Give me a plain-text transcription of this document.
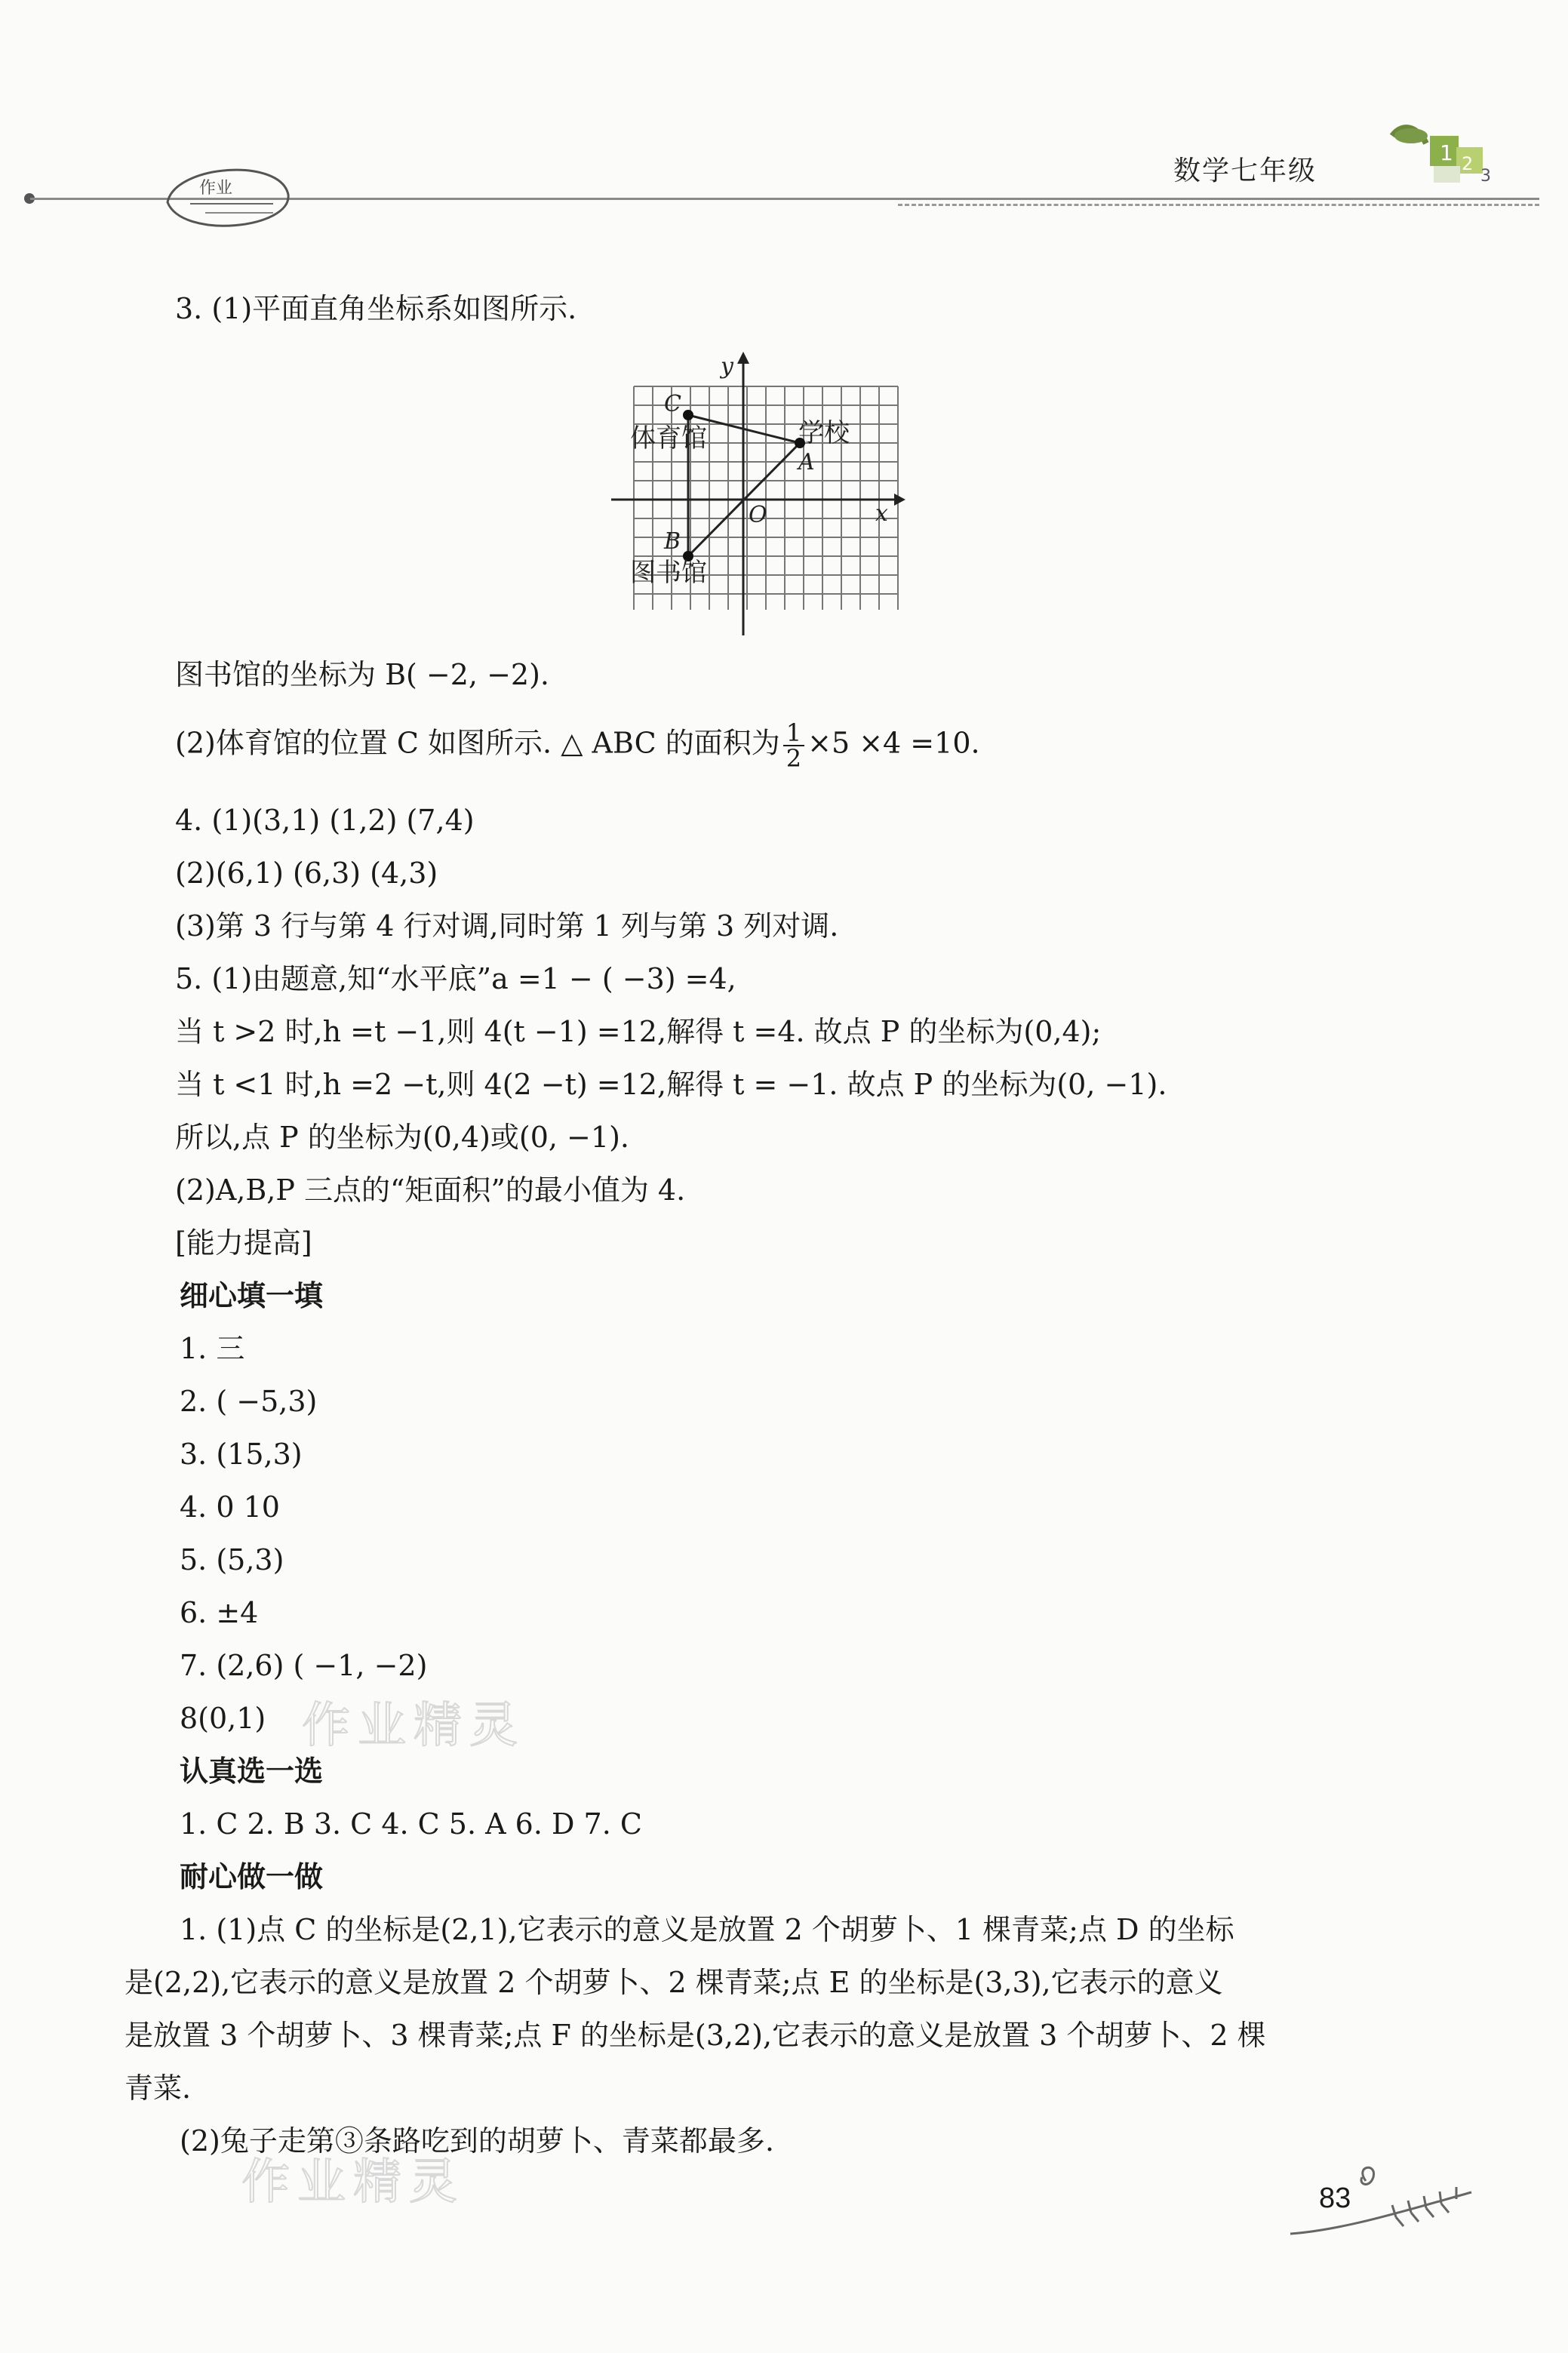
作业
数学七年级
1 2
3
3. (1)平面直角坐标系如图所示.
x
y
O
A
B
C
学校
体育馆
图书馆
图书馆的坐标为 B( −2, −2).
(2)体育馆的位置 C 如图所示. △ ABC 的面积为 $\frac{1}{2} \times 5 \times 4 =10$.
4. (1)(3,1) (1,2) (7,4)
(2)(6,1) (6,3) (4,3)
(3)第 3 行与第 4 行对调,同时第 1 列与第 3 列对调.
5. (1)由题意,知“水平底”a =1 − ( −3) =4,
当 t >2 时,h =t −1,则 4(t −1) =12,解得 t =4. 故点 P 的坐标为(0,4);
当 t <1 时,h =2 −t,则 4(2 −t) =12,解得 t = −1. 故点 P 的坐标为(0, −1).
所以,点 P 的坐标为(0,4)或(0, −1).
(2)A,B,P 三点的“矩面积”的最小值为 4.
[能力提高]
细心填一填
1. 三
2. ( −5,3)
3. (15,3)
4. 0 10
5. (5,3)
6. ±4
7. (2,6) ( −1, −2)
8(0,1) 作业精灵
认真选一选
1. C 2. B 3. C 4. C 5. A 6. D 7. C
耐心做一做
1. (1)点 C 的坐标是(2,1),它表示的意义是放置 2 个胡萝卜、1 棵青菜;点 D 的坐标
是(2,2),它表示的意义是放置 2 个胡萝卜、2 棵青菜;点 E 的坐标是(3,3),它表示的意义
是放置 3 个胡萝卜、3 棵青菜;点 F 的坐标是(3,2),它表示的意义是放置 3 个胡萝卜、2 棵
青菜.
(2)兔子走第③条路吃到的胡萝卜、青菜都最多.
作业精灵	83
